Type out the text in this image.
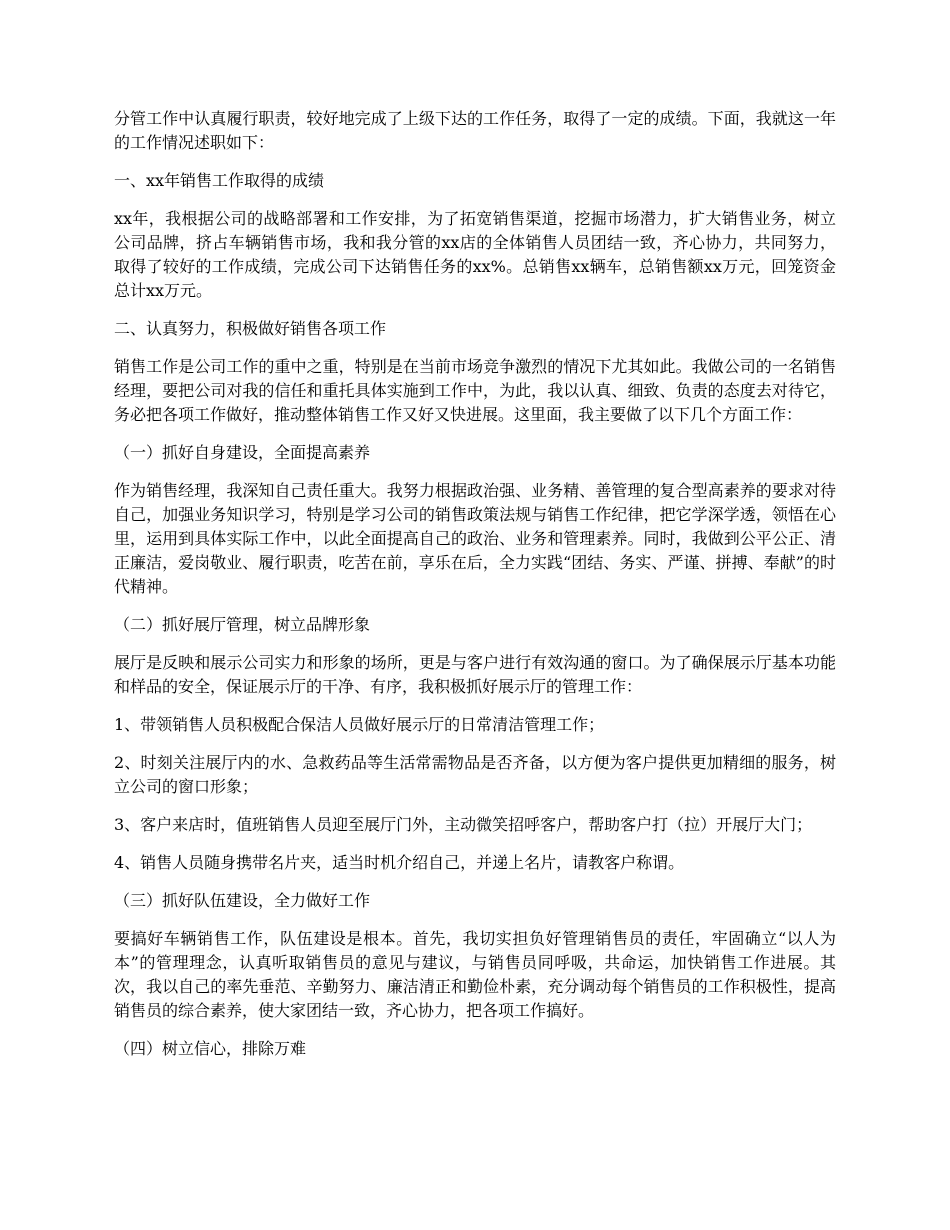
分管工作中认真履行职责，较好地完成了上级下达的工作任务，取得了一定的成绩。下面，我就这一年的工作情况述职如下：

一、xx年销售工作取得的成绩

xx年，我根据公司的战略部署和工作安排，为了拓宽销售渠道，挖掘市场潜力，扩大销售业务，树立公司品牌，挤占车辆销售市场，我和我分管的xx店的全体销售人员团结一致，齐心协力，共同努力，取得了较好的工作成绩，完成公司下达销售任务的xx%。总销售xx辆车，总销售额xx万元，回笼资金总计xx万元。

二、认真努力，积极做好销售各项工作

销售工作是公司工作的重中之重，特别是在当前市场竞争激烈的情况下尤其如此。我做公司的一名销售经理，要把公司对我的信任和重托具体实施到工作中，为此，我以认真、细致、负责的态度去对待它，务必把各项工作做好，推动整体销售工作又好又快进展。这里面，我主要做了以下几个方面工作：

（一）抓好自身建设，全面提高素养

作为销售经理，我深知自己责任重大。我努力根据政治强、业务精、善管理的复合型高素养的要求对待自己，加强业务知识学习，特别是学习公司的销售政策法规与销售工作纪律，把它学深学透，领悟在心里，运用到具体实际工作中，以此全面提高自己的政治、业务和管理素养。同时，我做到公平公正、清正廉洁，爱岗敬业、履行职责，吃苦在前，享乐在后，全力实践“团结、务实、严谨、拼搏、奉献”的时代精神。

（二）抓好展厅管理，树立品牌形象

展厅是反映和展示公司实力和形象的场所，更是与客户进行有效沟通的窗口。为了确保展示厅基本功能和样品的安全，保证展示厅的干净、有序，我积极抓好展示厅的管理工作：

1、带领销售人员积极配合保洁人员做好展示厅的日常清洁管理工作；

2、时刻关注展厅内的水、急救药品等生活常需物品是否齐备，以方便为客户提供更加精细的服务，树立公司的窗口形象；

3、客户来店时，值班销售人员迎至展厅门外，主动微笑招呼客户，帮助客户打（拉）开展厅大门；

4、销售人员随身携带名片夹，适当时机介绍自己，并递上名片，请教客户称谓。

（三）抓好队伍建设，全力做好工作

要搞好车辆销售工作，队伍建设是根本。首先，我切实担负好管理销售员的责任，牢固确立“以人为本”的管理理念，认真听取销售员的意见与建议，与销售员同呼吸，共命运，加快销售工作进展。其次，我以自己的率先垂范、辛勤努力、廉洁清正和勤俭朴素，充分调动每个销售员的工作积极性，提高销售员的综合素养，使大家团结一致，齐心协力，把各项工作搞好。

（四）树立信心，排除万难
